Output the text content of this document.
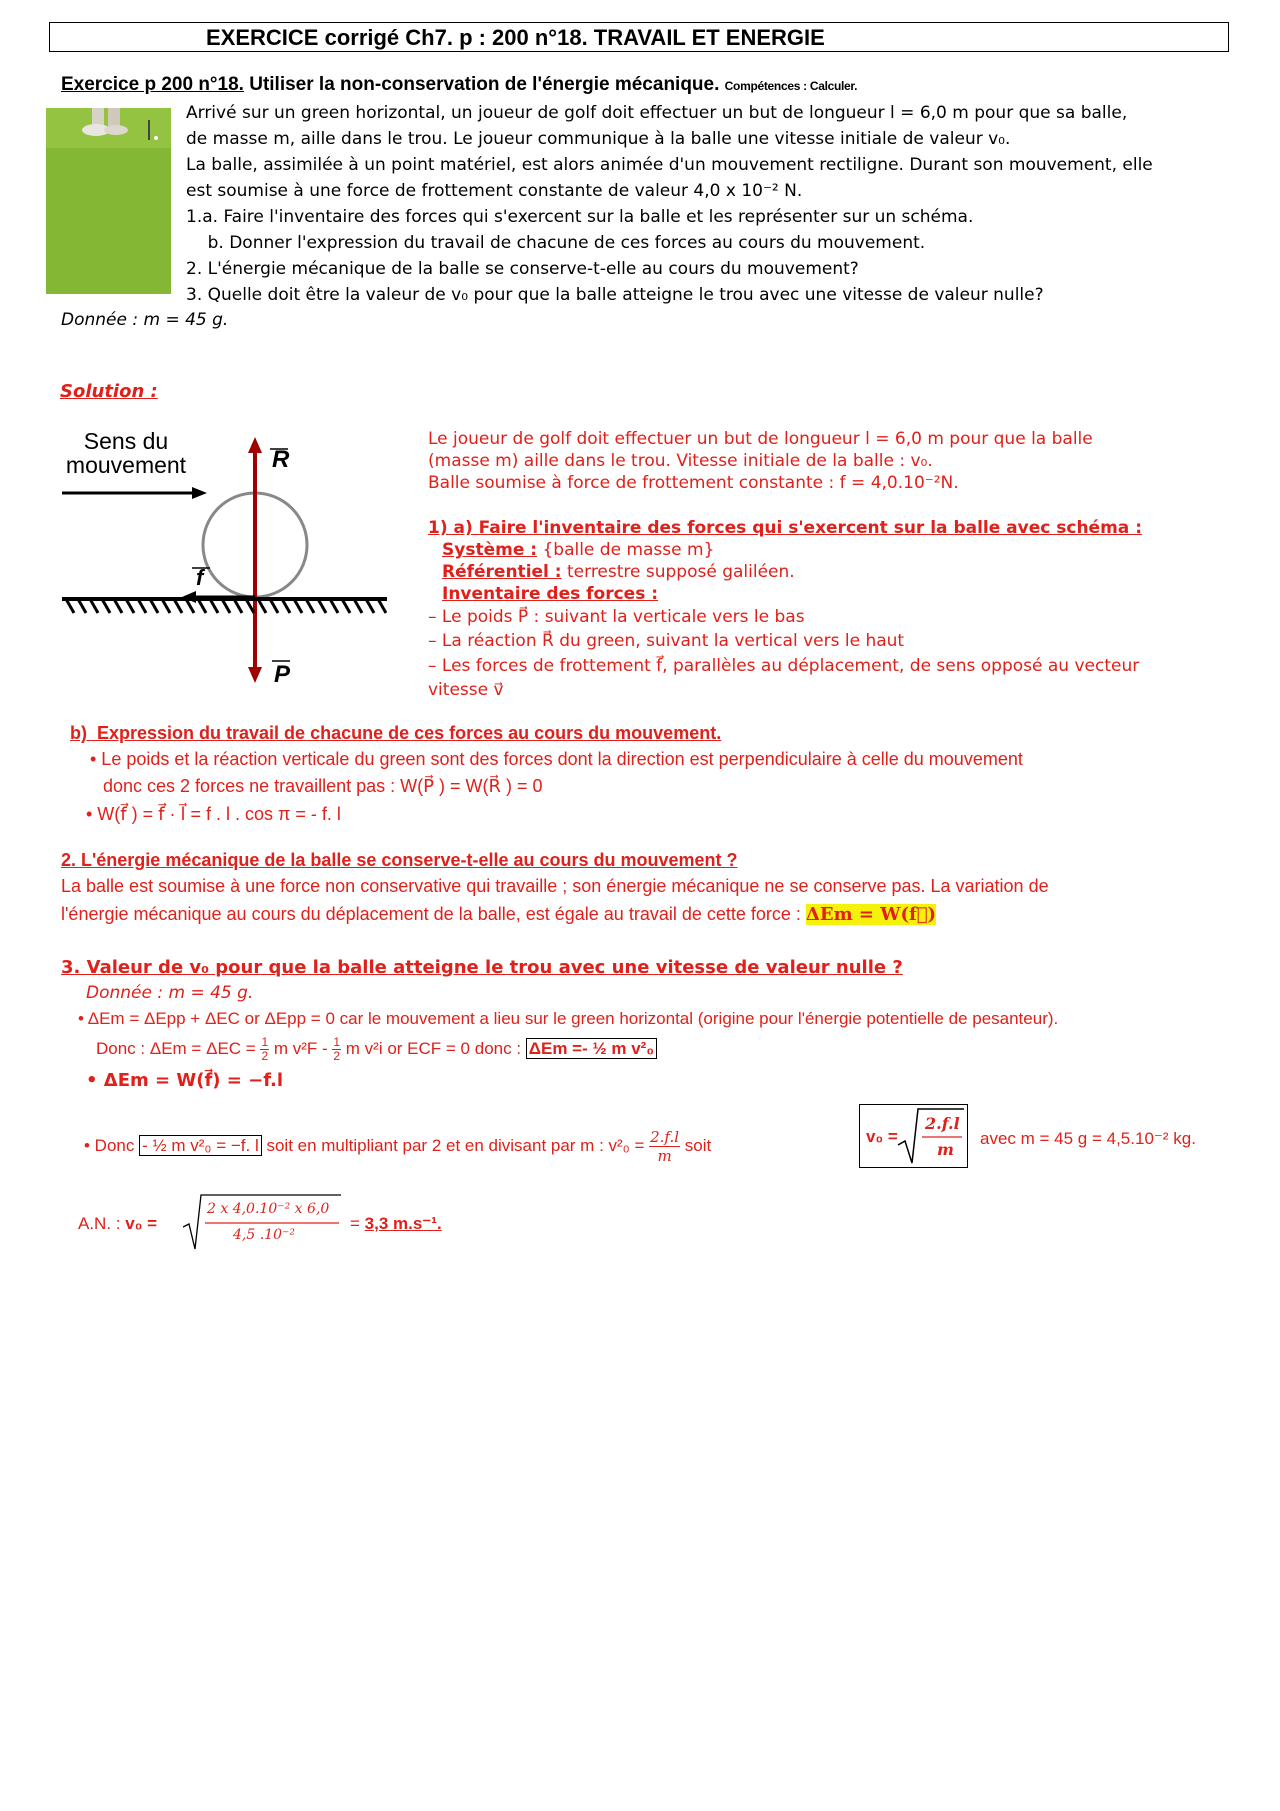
EXERCICE corrigé Ch7. p : 200 n°18. TRAVAIL ET ENERGIE
Exercice p 200 n°18. Utiliser la non-conservation de l'énergie mécanique. Compétences : Calculer.
Arrivé sur un green horizontal, un joueur de golf doit effectuer un but de longueur l = 6,0 m pour que sa balle,
de masse m, aille dans le trou. Le joueur communique à la balle une vitesse initiale de valeur v₀.
La balle, assimilée à un point matériel, est alors animée d'un mouvement rectiligne. Durant son mouvement, elle
est soumise à une force de frottement constante de valeur 4,0 x 10⁻² N.
1.a. Faire l'inventaire des forces qui s'exercent sur la balle et les représenter sur un schéma.
b. Donner l'expression du travail de chacune de ces forces au cours du mouvement.
2. L'énergie mécanique de la balle se conserve-t-elle au cours du mouvement?
3. Quelle doit être la valeur de v₀ pour que la balle atteigne le trou avec une vitesse de valeur nulle?
Donnée : m = 45 g.
Solution :
Sens du
mouvement	R
P
f
Le joueur de golf doit effectuer un but de longueur l = 6,0 m pour que la balle
(masse m) aille dans le trou. Vitesse initiale de la balle : v₀.
Balle soumise à force de frottement constante : f = 4,0.10⁻²N.
1) a) Faire l'inventaire des forces qui s'exercent sur la balle avec schéma :
Système : {balle de masse m}
Référentiel : terrestre supposé galiléen.
Inventaire des forces :
– Le poids P⃗ : suivant la verticale vers le bas
– La réaction R⃗ du green, suivant la vertical vers le haut
– Les forces de frottement f⃗, parallèles au déplacement, de sens opposé au vecteur
vitesse v⃗
b)  Expression du travail de chacune de ces forces au cours du mouvement.
• Le poids et la réaction verticale du green sont des forces dont la direction est perpendiculaire à celle du mouvement
donc ces 2 forces ne travaillent pas : W(P⃗ ) = W(R⃗ ) = 0
• W(f⃗ ) = f⃗ · l⃗ = f . l . cos π = - f. l
2. L'énergie mécanique de la balle se conserve-t-elle au cours du mouvement ?
La balle est soumise à une force non conservative qui travaille ; son énergie mécanique ne se conserve pas. La variation de
l'énergie mécanique au cours du déplacement de la balle, est égale au travail de cette force : ΔEm = W(f⃗)
3. Valeur de v₀ pour que la balle atteigne le trou avec une vitesse de valeur nulle ?
Donnée : m = 45 g.
• ΔEm = ΔEpp + ΔEC or ΔEpp = 0 car le mouvement a lieu sur le green horizontal (origine pour l'énergie potentielle de pesanteur).
Donc : $\Delta Em = \Delta EC = \frac{1}{2}$ m $v^2F - \frac{1}{2}$ m v²i or ECF = 0 donc : ΔEm =- ½ m v²₀
• ΔEm = W(f⃗) = −f.l
• Donc - ½ m v²₀ = −f. l soit en multipliant par 2 et en divisant par m : $v^2_0 = \frac{2.f.l}{m}$ soit	v₀ =
2.f.l
m
avec m = 45 g = 4,5.10⁻² kg.
A.N. : v₀ =
2 x 4,0.10⁻² x 6,0
4,5 .10⁻²
= 3,3 m.s⁻¹.
